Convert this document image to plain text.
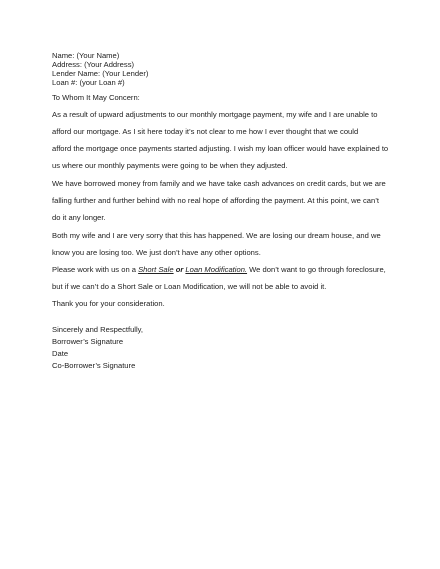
Name: (Your Name)
Address: (Your Address)
Lender Name: (Your Lender)
Loan #: (your Loan #)
To Whom It May Concern:
As a result of upward adjustments to our monthly mortgage payment, my wife and I are unable to
afford our mortgage. As I sit here today it’s not clear to me how I ever thought that we could
afford the mortgage once payments started adjusting. I wish my loan officer would have explained to
us where our monthly payments were going to be when they adjusted.
We have borrowed money from family and we have take cash advances on credit cards, but we are
falling further and further behind with no real hope of affording the payment. At this point, we can’t
do it any longer.
Both my wife and I are very sorry that this has happened. We are losing our dream house, and we
know you are losing too. We just don’t have any other options.
Please work with us on a Short Sale or Loan Modification. We don’t want to go through foreclosure,
but if we can’t do a Short Sale or Loan Modification, we will not be able to avoid it.
Thank you for your consideration.
Sincerely and Respectfully,
Borrower’s Signature
Date
Co-Borrower’s Signature
